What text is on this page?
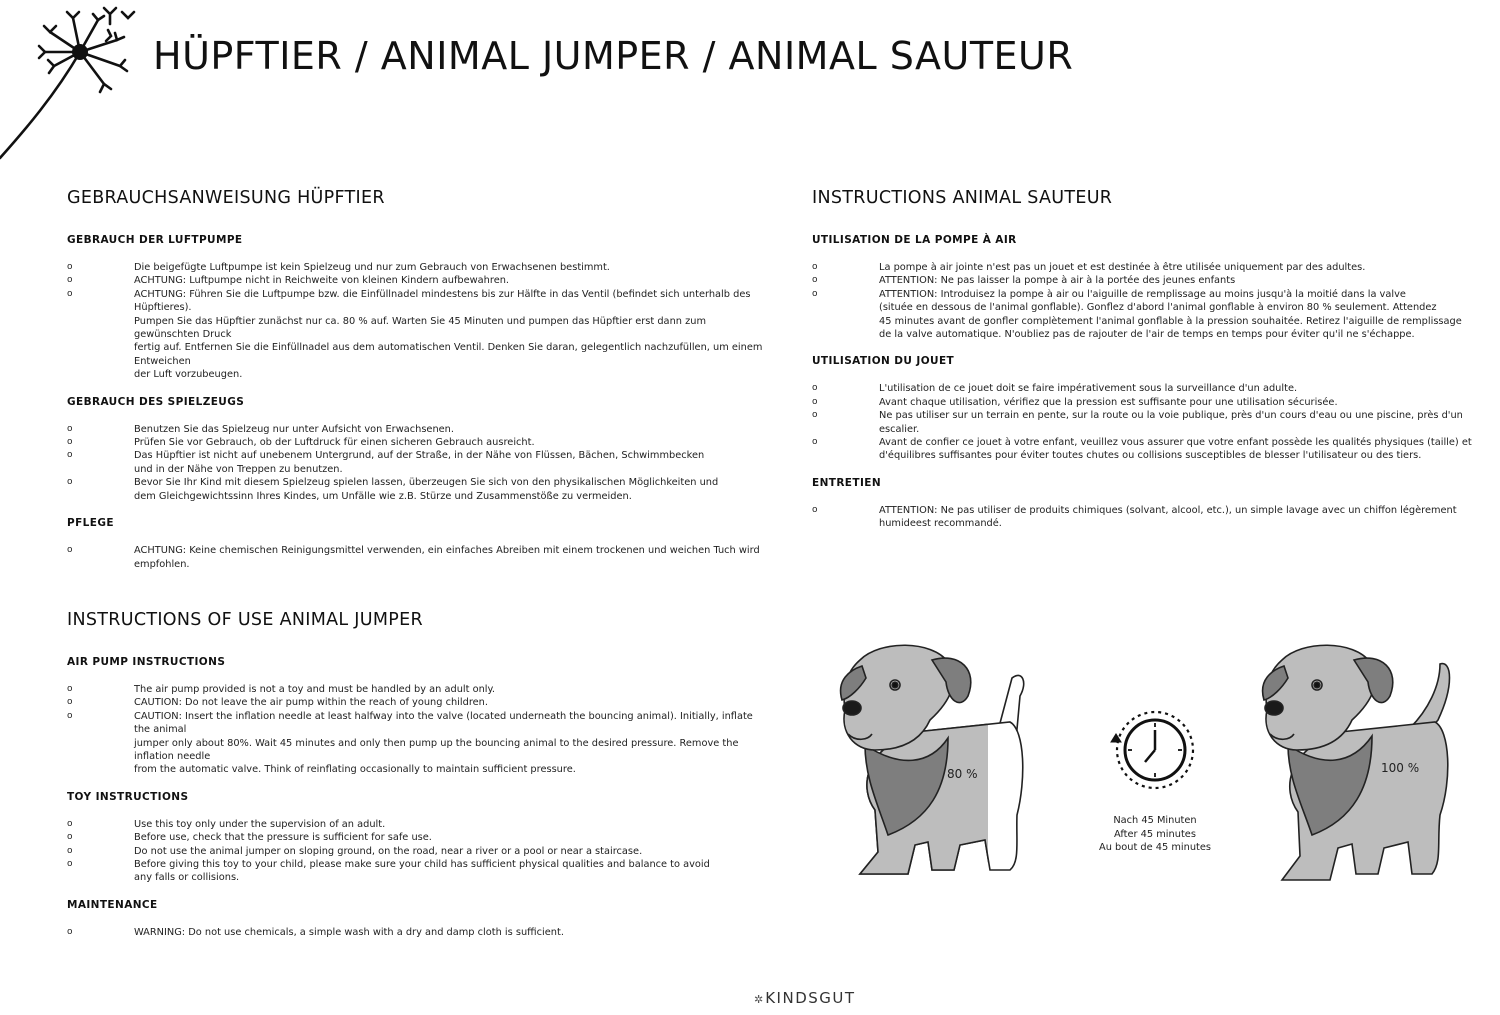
HÜPFTIER / ANIMAL JUMPER / ANIMAL SAUTEUR
GEBRAUCHSANWEISUNG HÜPFTIER
GEBRAUCH DER LUFTPUMPE
o	Die beigefügte Luftpumpe ist kein Spielzeug und nur zum Gebrauch von Erwachsenen bestimmt.
o	ACHTUNG: Luftpumpe nicht in Reichweite von kleinen Kindern aufbewahren.
o	ACHTUNG: Führen Sie die Luftpumpe bzw. die Einfüllnadel mindestens bis zur Hälfte in das Ventil (befindet sich unterhalb des Hüpftieres).
Pumpen Sie das Hüpftier zunächst nur ca. 80 % auf. Warten Sie 45 Minuten und pumpen das Hüpftier erst dann zum gewünschten Druck
fertig auf. Entfernen Sie die Einfüllnadel aus dem automatischen Ventil. Denken Sie daran, gelegentlich nachzufüllen, um einem Entweichen
der Luft vorzubeugen.
GEBRAUCH DES SPIELZEUGS
o	Benutzen Sie das Spielzeug nur unter Aufsicht von Erwachsenen.
o	Prüfen Sie vor Gebrauch, ob der Luftdruck für einen sicheren Gebrauch ausreicht.
o	Das Hüpftier ist nicht auf unebenem Untergrund, auf der Straße, in der Nähe von Flüssen, Bächen, Schwimmbecken
und in der Nähe von Treppen zu benutzen.
o	Bevor Sie Ihr Kind mit diesem Spielzeug spielen lassen, überzeugen Sie sich von den physikalischen Möglichkeiten und
dem Gleichgewichtssinn Ihres Kindes, um Unfälle wie z.B. Stürze und Zusammenstöße zu vermeiden.
PFLEGE
o	ACHTUNG: Keine chemischen Reinigungsmittel verwenden, ein einfaches Abreiben mit einem trockenen und weichen Tuch wird empfohlen.
INSTRUCTIONS ANIMAL SAUTEUR
UTILISATION DE LA POMPE À AIR
o	La pompe à air jointe n'est pas un jouet et est destinée à être utilisée uniquement par des adultes.
o	ATTENTION: Ne pas laisser la pompe à air à la portée des jeunes enfants
o	ATTENTION: Introduisez la pompe à air ou l'aiguille de remplissage au moins jusqu'à la moitié dans la valve
(située en dessous de l'animal gonflable). Gonflez d'abord l'animal gonflable à environ 80 % seulement. Attendez
45 minutes avant de gonfler complètement l'animal gonflable à la pression souhaitée. Retirez l'aiguille de remplissage
de la valve automatique. N'oubliez pas de rajouter de l'air de temps en temps pour éviter qu'il ne s'échappe.
UTILISATION DU JOUET
o	L'utilisation de ce jouet doit se faire impérativement sous la surveillance d'un adulte.
o	Avant chaque utilisation, vérifiez que la pression est suffisante pour une utilisation sécurisée.
o	Ne pas utiliser sur un terrain en pente, sur la route ou la voie publique, près d'un cours d'eau ou une piscine, près d'un
escalier.
o	Avant de confier ce jouet à votre enfant, veuillez vous assurer que votre enfant possède les qualités physiques (taille) et
d'équilibres suffisantes pour éviter toutes chutes ou collisions susceptibles de blesser l'utilisateur ou des tiers.
ENTRETIEN
o	ATTENTION: Ne pas utiliser de produits chimiques (solvant, alcool, etc.), un simple lavage avec un chiffon légèrement humideest recommandé.
INSTRUCTIONS OF USE ANIMAL JUMPER
AIR PUMP INSTRUCTIONS
o	The air pump provided is not a toy and must be handled by an adult only.
o	CAUTION: Do not leave the air pump within the reach of young children.
o	CAUTION: Insert the inflation needle at least halfway into the valve (located underneath the bouncing animal). Initially, inflate the animal
jumper only about 80%. Wait 45 minutes and only then pump up the bouncing animal to the desired pressure. Remove the inflation needle
from the automatic valve. Think of reinflating occasionally to maintain sufficient pressure.
TOY INSTRUCTIONS
o	Use this toy only under the supervision of an adult.
o	Before use, check that the pressure is sufficient for safe use.
o	Do not use the animal jumper on sloping ground, on the road, near a river or a pool or near a staircase.
o	Before giving this toy to your child, please make sure your child has sufficient physical qualities and balance to avoid
any falls or collisions.
MAINTENANCE
o	WARNING: Do not use chemicals, a simple wash with a dry and damp cloth is sufficient.
80 %	100 %
Nach 45 Minuten
After 45 minutes
Au bout de 45 minutes
✲ KINDSGUT
